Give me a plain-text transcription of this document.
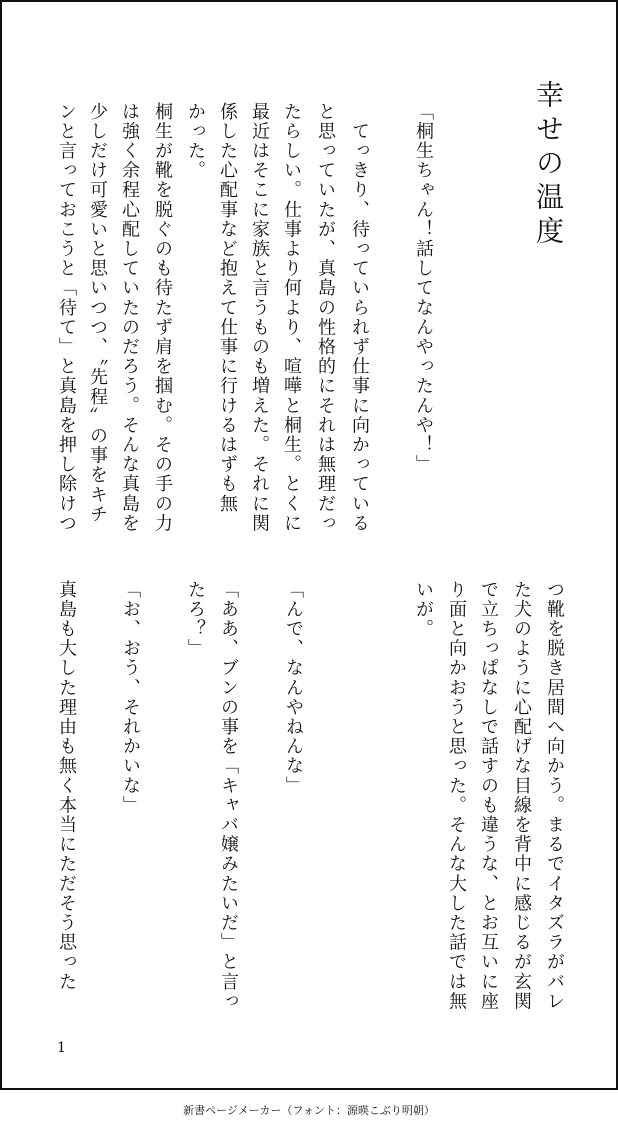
幸せの温度
「桐生ちゃん！話してなんやったんや！」
　てっきり、待っていられず仕事に向かっている
と思っていたが、真島の性格的にそれは無理だっ
たらしい。仕事より何より、喧嘩と桐生。とくに
最近はそこに家族と言うものも増えた。それに関
係した心配事など抱えて仕事に行けるはずも無
かった。
桐生が靴を脱ぐのも待たず肩を掴む。その手の力
は強く余程心配していたのだろう。そんな真島を
少しだけ可愛いと思いつつ、〝先程〟の事をキチ
ンと言っておこうと「待て」と真島を押し除けつ
つ靴を脱き居間へ向かう。まるでイタズラがバレ
た犬のように心配げな目線を背中に感じるが玄関
で立ちっぱなしで話すのも違うな、とお互いに座
り面と向かおうと思った。そんな大した話では無
いが。
「んで、なんやねんな」
「ああ、ブンの事を「キャバ嬢みたいだ」と言っ
たろ？」
「お、おう、それかいな」
真島も大した理由も無く本当にただそう思った
1
新書ページメーカー（フォント：源暎こぶり明朝）
